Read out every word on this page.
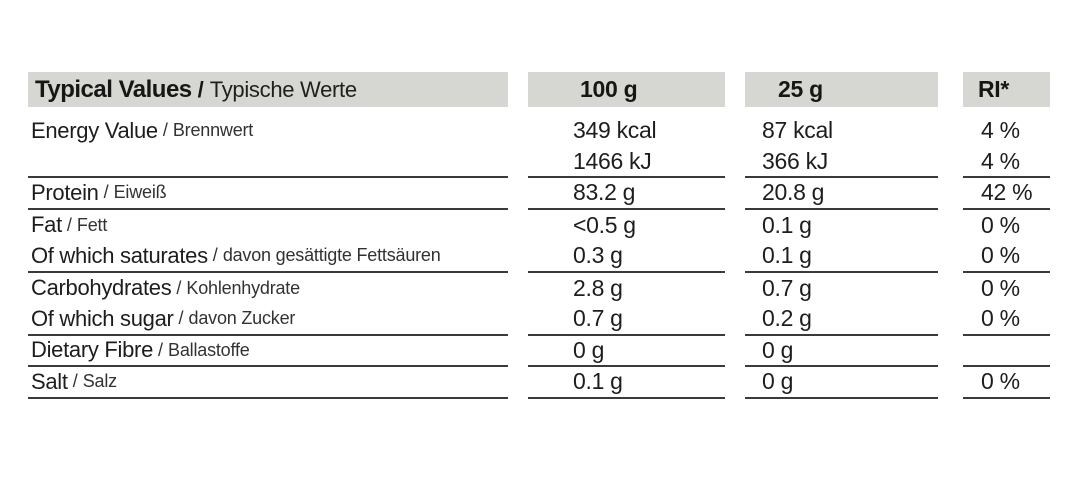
Typical Values / Typische Werte	100 g	25 g	RI*
Energy Value / Brennwert	349 kcal	87 kcal	4 %
1466 kJ	366 kJ	4 %
Protein / Eiweiß	83.2 g	20.8 g	42 %
Fat / Fett	<0.5 g	0.1 g	0 %
Of which saturates / davon gesättigte Fettsäuren	0.3 g	0.1 g	0 %
Carbohydrates / Kohlenhydrate	2.8 g	0.7 g	0 %
Of which sugar / davon Zucker	0.7 g	0.2 g	0 %
Dietary Fibre / Ballastoffe	0 g	0 g
Salt / Salz	0.1 g	0 g	0 %
